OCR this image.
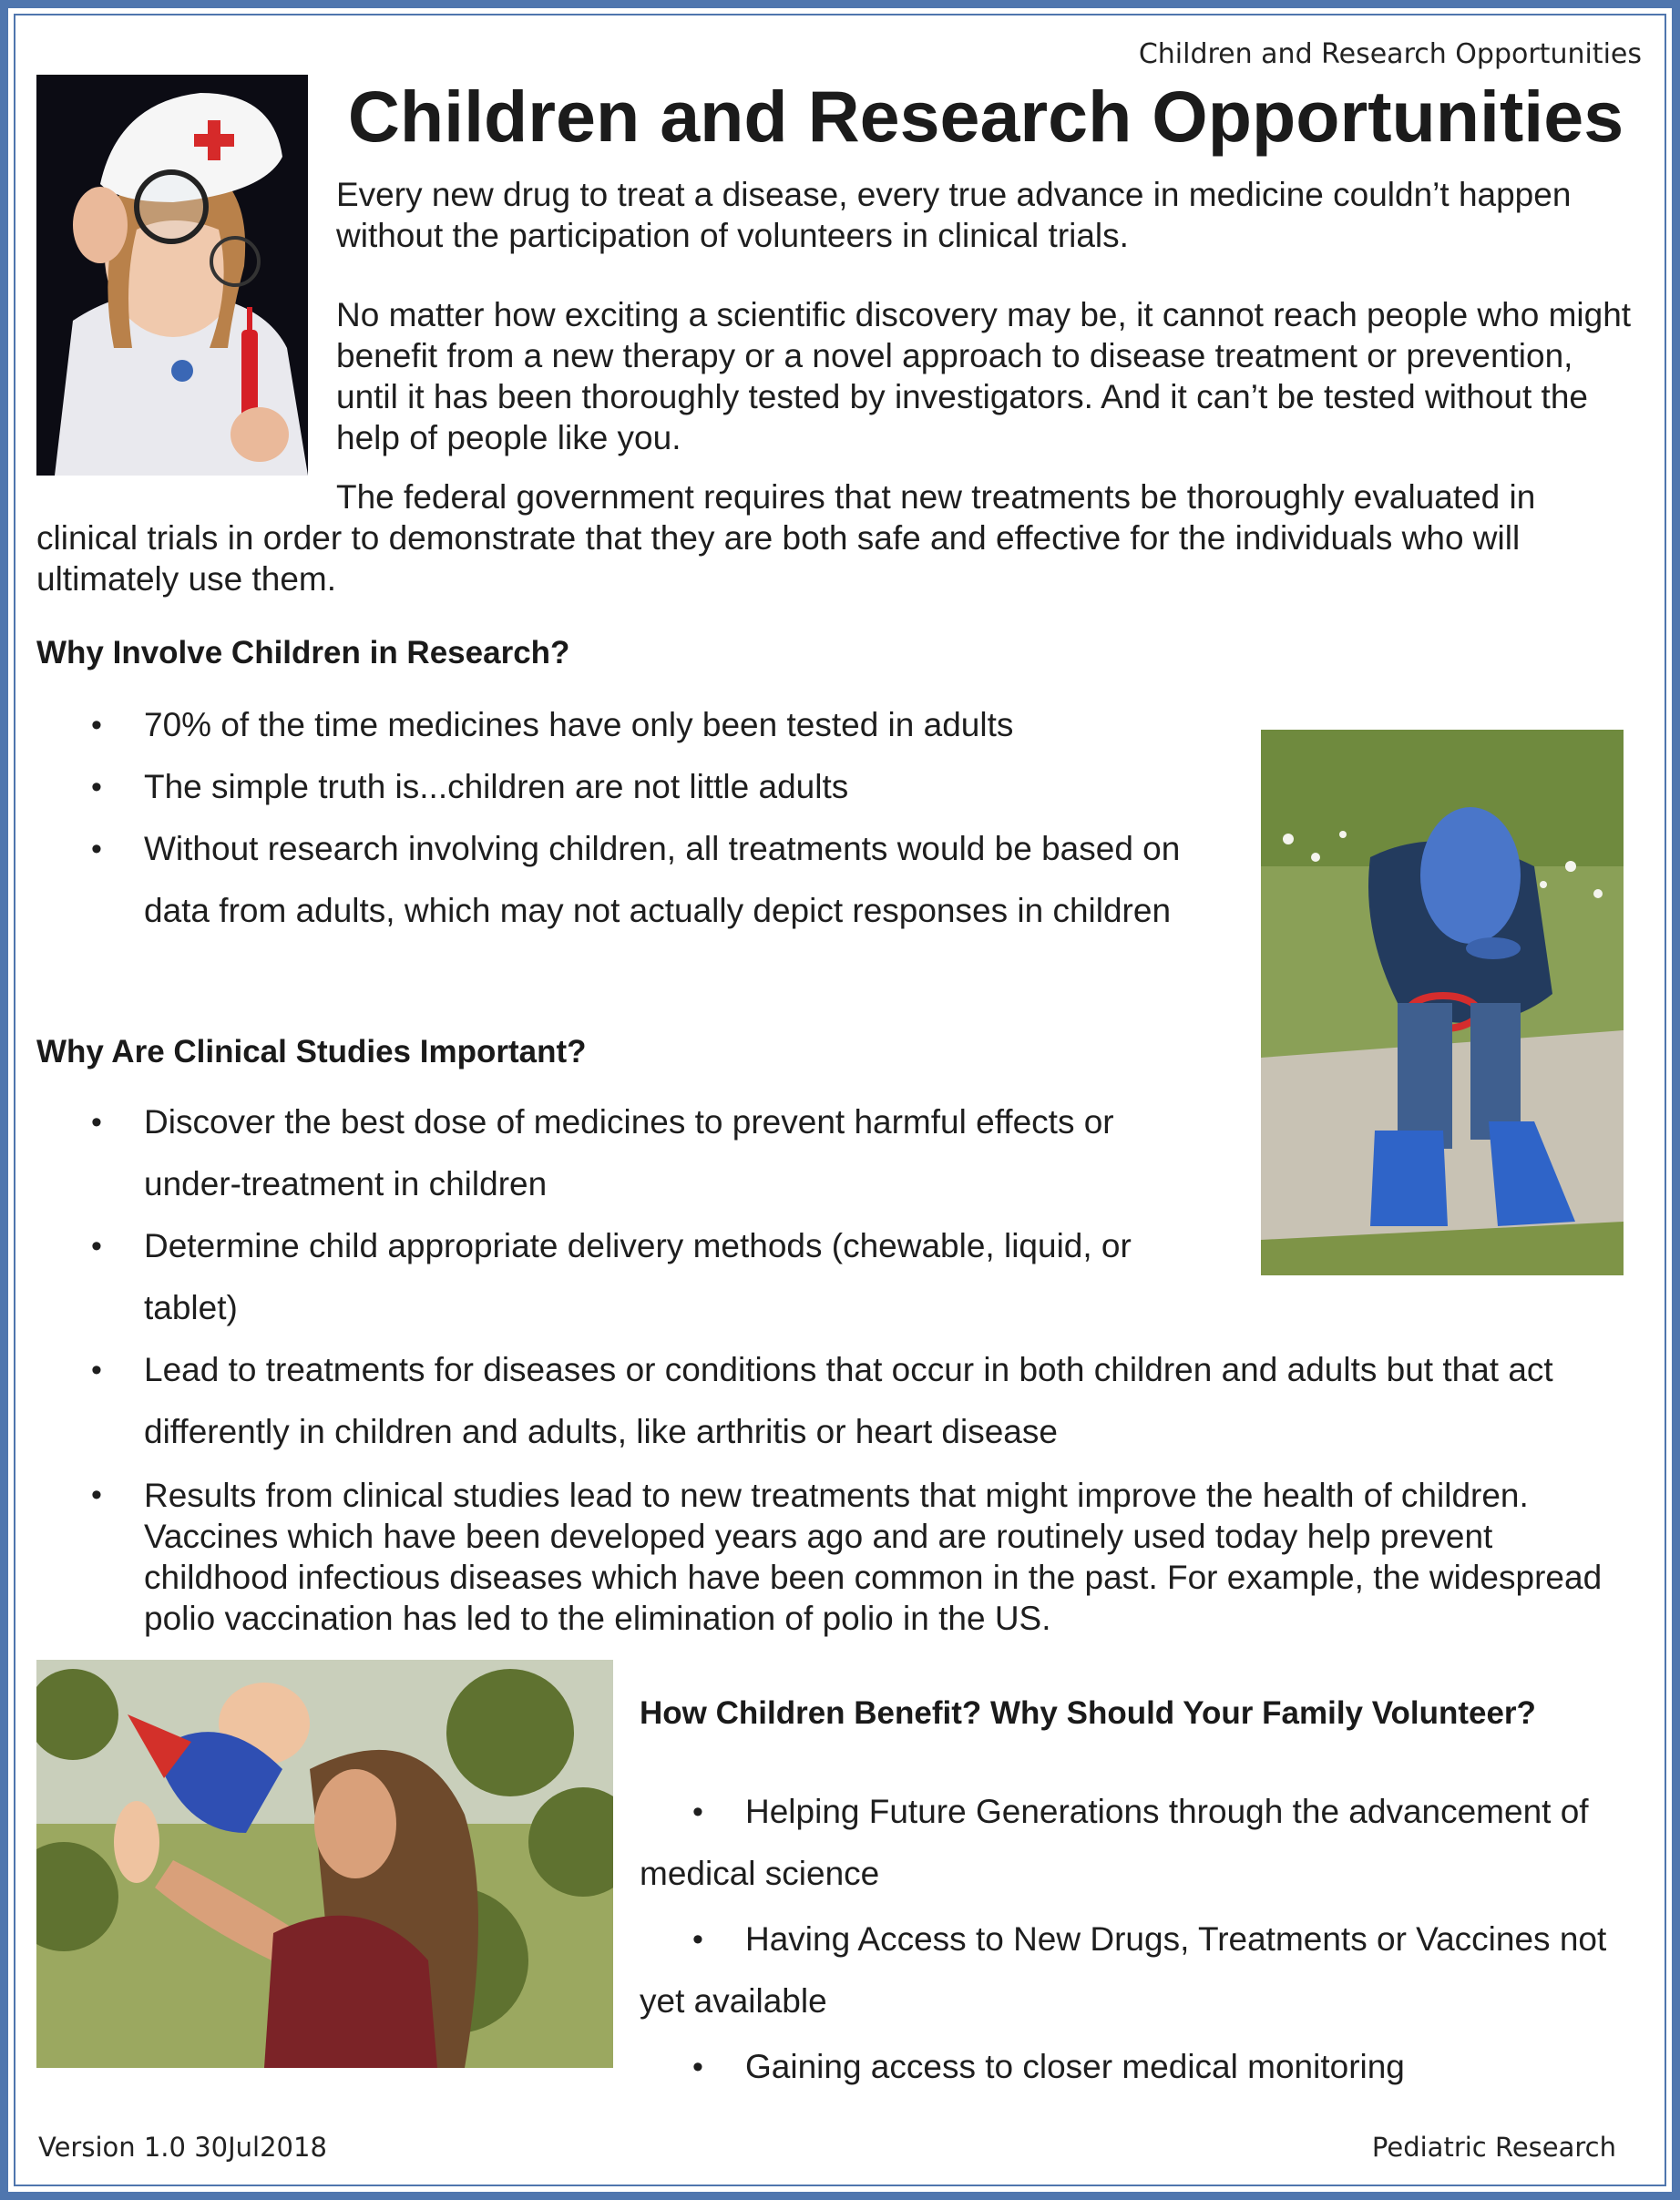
Children and Research Opportunities
Children and Research Opportunities
Every new drug to treat a disease, every true advance in medicine couldn’t happen without the participation of volunteers in clinical trials.
No matter how exciting a scientific discovery may be, it cannot reach people who might benefit from a new therapy or a novel approach to disease treatment or prevention, until it has been thoroughly tested by investigators. And it can’t be tested without the help of people like you.
The federal government requires that new treatments be thoroughly evaluated in clinical trials in order to demonstrate that they are both safe and effective for the individuals who will ultimately use them.
Why Involve Children in Research?
• 70% of the time medicines have only been tested in adults
• The simple truth is...children are not little adults
• Without research involving children, all treatments would be based on data from adults, which may not actually depict responses in children
Why Are Clinical Studies Important?
• Discover the best dose of medicines to prevent harmful effects or under-treatment in children
• Determine child appropriate delivery methods (chewable, liquid, or tablet)
• Lead to treatments for diseases or conditions that occur in both children and adults but that act differently in children and adults, like arthritis or heart disease
• Results from clinical studies lead to new treatments that might improve the health of children. Vaccines which have been developed years ago and are routinely used today help prevent childhood infectious diseases which have been common in the past. For example, the widespread polio vaccination has led to the elimination of polio in the US.
How Children Benefit? Why Should Your Family Volunteer?
• Helping Future Generations through the advancement of medical science
• Having Access to New Drugs, Treatments or Vaccines not yet available
• Gaining access to closer medical monitoring
Version 1.0 30Jul2018	Pediatric Research
